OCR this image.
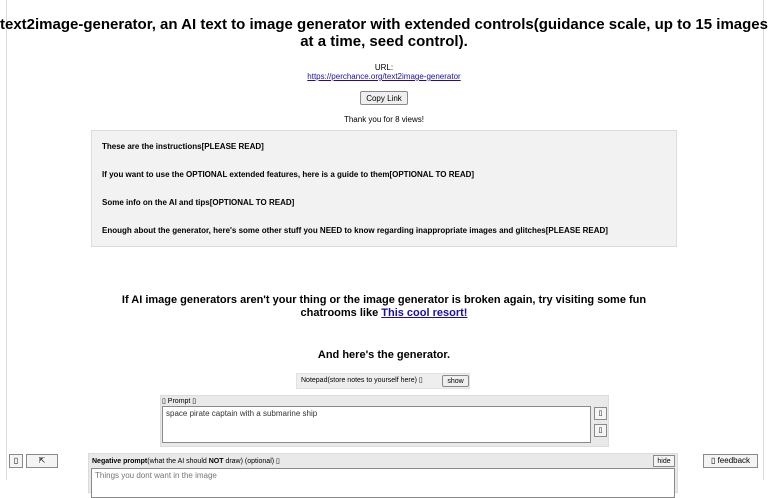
text2image-generator, an AI text to image generator with extended controls(guidance scale, up to 15 images at a time, seed control).
URL:
https://perchance.org/text2image-generator
Copy Link
Thank you for 8 views!
These are the instructions[PLEASE READ]
If you want to use the OPTIONAL extended features, here is a guide to them[OPTIONAL TO READ]
Some info on the AI and tips[OPTIONAL TO READ]
Enough about the generator, here's some other stuff you NEED to know regarding inappropriate images and glitches[PLEASE READ]
If AI image generators aren't your thing or the image generator is broken again, try visiting some fun chatrooms like This cool resort!
And here's the generator.
Notepad(store notes to yourself here) ▯	show
▯ Prompt ▯
space pirate captain with a submarine ship
▯
▯
Negative prompt(what the AI should NOT draw) (optional) ▯	hide
Things you dont want in the image
▯	⇱	▯ feedback
